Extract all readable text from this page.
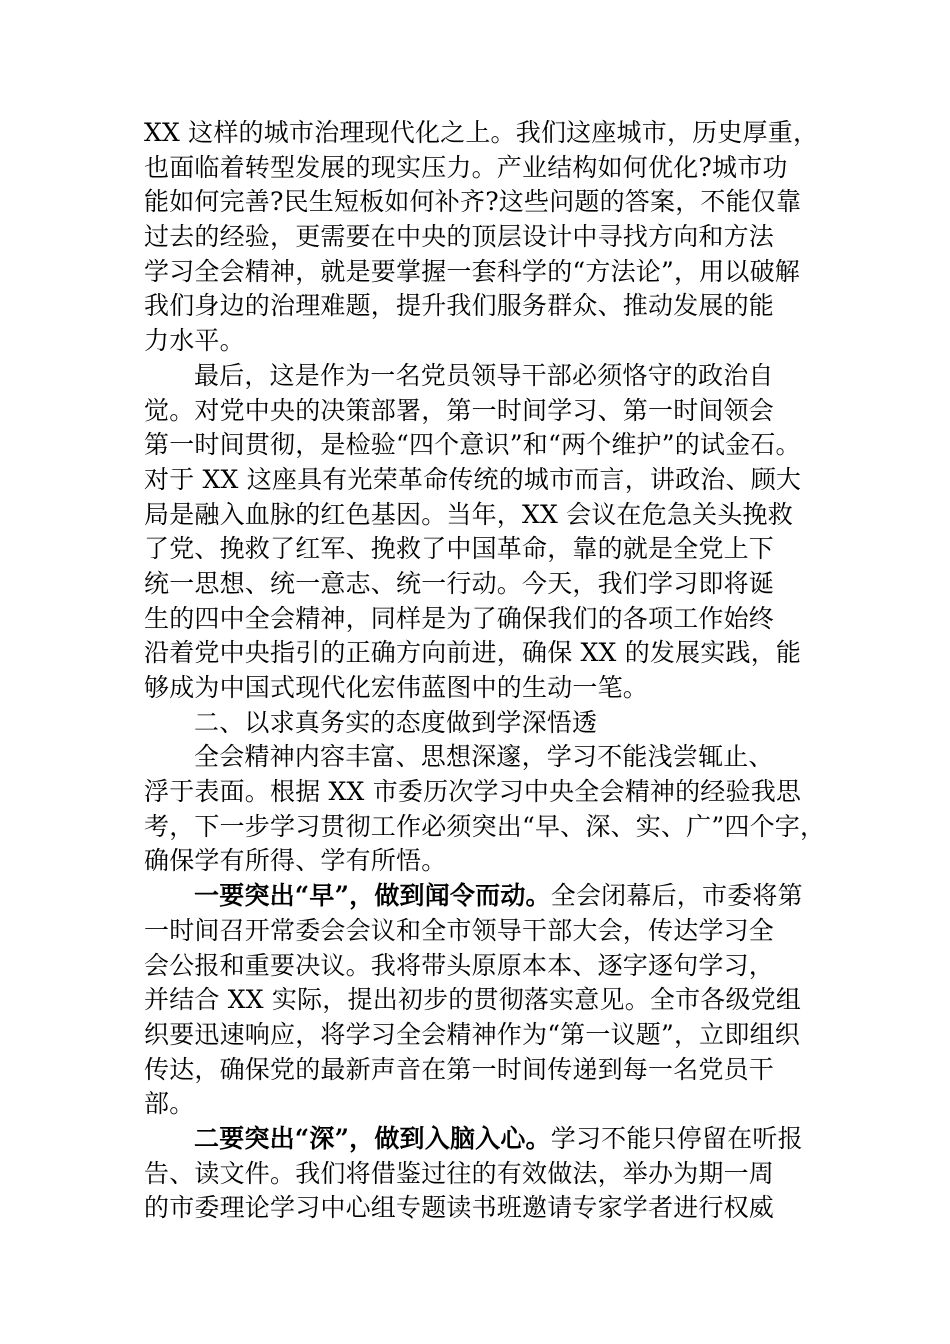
XX 这样的城市治理现代化之上。我们这座城市，历史厚重，
也面临着转型发展的现实压力。产业结构如何优化?城市功
能如何完善?民生短板如何补齐?这些问题的答案，不能仅靠
过去的经验，更需要在中央的顶层设计中寻找方向和方法
学习全会精神，就是要掌握一套科学的“方法论”，用以破解
我们身边的治理难题，提升我们服务群众、推动发展的能
力水平。
最后，这是作为一名党员领导干部必须恪守的政治自
觉。对党中央的决策部署，第一时间学习、第一时间领会
第一时间贯彻，是检验“四个意识”和“两个维护”的试金石。
对于 XX 这座具有光荣革命传统的城市而言，讲政治、顾大
局是融入血脉的红色基因。当年，XX 会议在危急关头挽救
了党、挽救了红军、挽救了中国革命，靠的就是全党上下
统一思想、统一意志、统一行动。今天，我们学习即将诞
生的四中全会精神，同样是为了确保我们的各项工作始终
沿着党中央指引的正确方向前进，确保 XX 的发展实践，能
够成为中国式现代化宏伟蓝图中的生动一笔。
二、以求真务实的态度做到学深悟透
全会精神内容丰富、思想深邃，学习不能浅尝辄止、
浮于表面。根据 XX 市委历次学习中央全会精神的经验我思
考，下一步学习贯彻工作必须突出“早、深、实、广”四个字，
确保学有所得、学有所悟。
一要突出“早”，做到闻令而动。全会闭幕后，市委将第
一时间召开常委会会议和全市领导干部大会，传达学习全
会公报和重要决议。我将带头原原本本、逐字逐句学习，
并结合 XX 实际，提出初步的贯彻落实意见。全市各级党组
织要迅速响应，将学习全会精神作为“第一议题”，立即组织
传达，确保党的最新声音在第一时间传递到每一名党员干
部。
二要突出“深”，做到入脑入心。学习不能只停留在听报
告、读文件。我们将借鉴过往的有效做法，举办为期一周
的市委理论学习中心组专题读书班邀请专家学者进行权威
